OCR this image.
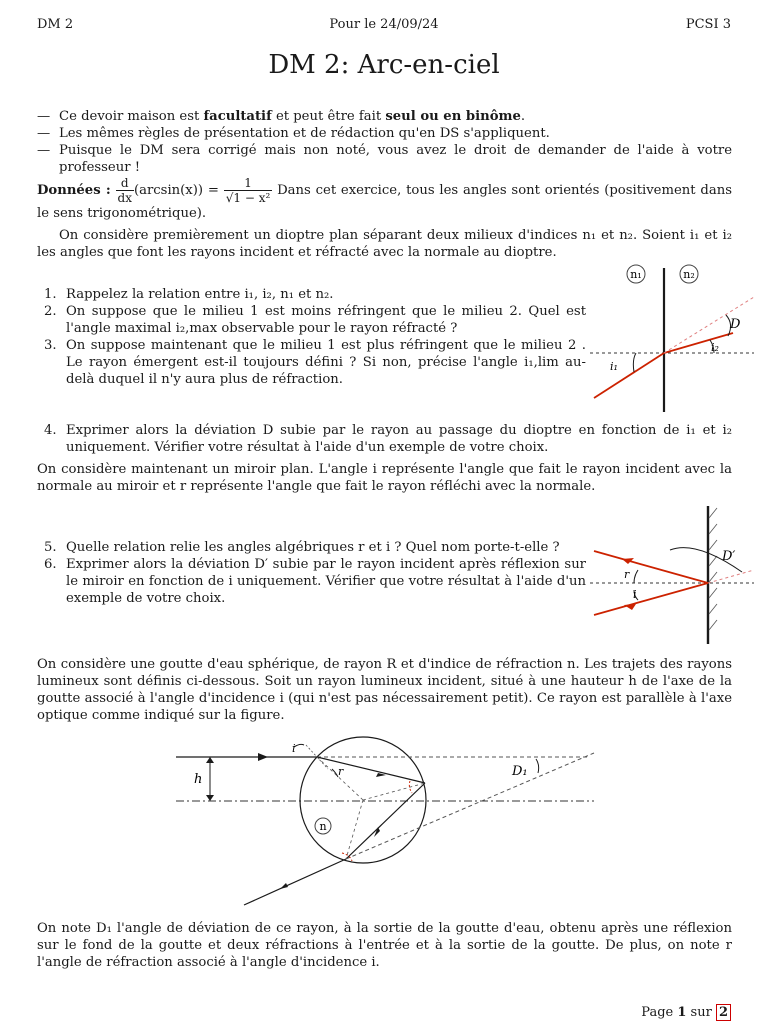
DM 2	Pour le 24/09/24	PCSI 3
DM 2: Arc-en-ciel
— Ce devoir maison est facultatif et peut être fait seul ou en binôme.
— Les mêmes règles de présentation et de rédaction qu'en DS s'appliquent.
— Puisque le DM sera corrigé mais non noté, vous avez le droit de demander de l'aide à votre professeur !
Données : $\frac{d}{dx} (\arcsin(x)) = \frac{1}{\text{√1 − x²}}$ Dans cet exercice, tous les angles sont orientés (positivement dans le sens trigonométrique).
On considère premièrement un dioptre plan séparant deux milieux d'indices n₁ et n₂. Soient i₁ et i₂ les angles que font les rayons incident et réfracté avec la normale au dioptre.
1. Rappelez la relation entre i₁, i₂, n₁ et n₂.
2. On suppose que le milieu 1 est moins réfringent que le milieu 2. Quel est l'angle maximal i₂,max observable pour le rayon réfracté ?
3. On suppose maintenant que le milieu 1 est plus réfringent que le milieu 2 . Le rayon émergent est-il toujours défini ? Si non, précise l'angle i₁,lim au-delà duquel il n'y aura plus de réfraction.
n₁	n₂
D
i₂
i₁
4. Exprimer alors la déviation D subie par le rayon au passage du dioptre en fonction de i₁ et i₂ uniquement. Vérifier votre résultat à l'aide d'un exemple de votre choix.
On considère maintenant un miroir plan. L'angle i représente l'angle que fait le rayon incident avec la normale au miroir et r représente l'angle que fait le rayon réfléchi avec la normale.
5. Quelle relation relie les angles algébriques r et i ? Quel nom porte-t-elle ?
6. Exprimer alors la déviation D′ subie par le rayon incident après réflexion sur le miroir en fonction de i uniquement. Vérifier que votre résultat à l'aide d'un exemple de votre choix.
D′
r
i
On considère une goutte d'eau sphérique, de rayon R et d'indice de réfraction n. Les trajets des rayons lumineux sont définis ci-dessous. Soit un rayon lumineux incident, situé à une hauteur h de l'axe de la goutte associé à l'angle d'incidence i (qui n'est pas nécessairement petit). Ce rayon est parallèle à l'axe optique comme indiqué sur la figure.
i
r
h
n
D₁
On note D₁ l'angle de déviation de ce rayon, à la sortie de la goutte d'eau, obtenu après une réflexion sur le fond de la goutte et deux réfractions à l'entrée et à la sortie de la goutte. De plus, on note r l'angle de réfraction associé à l'angle d'incidence i.
Page 1 sur 2
